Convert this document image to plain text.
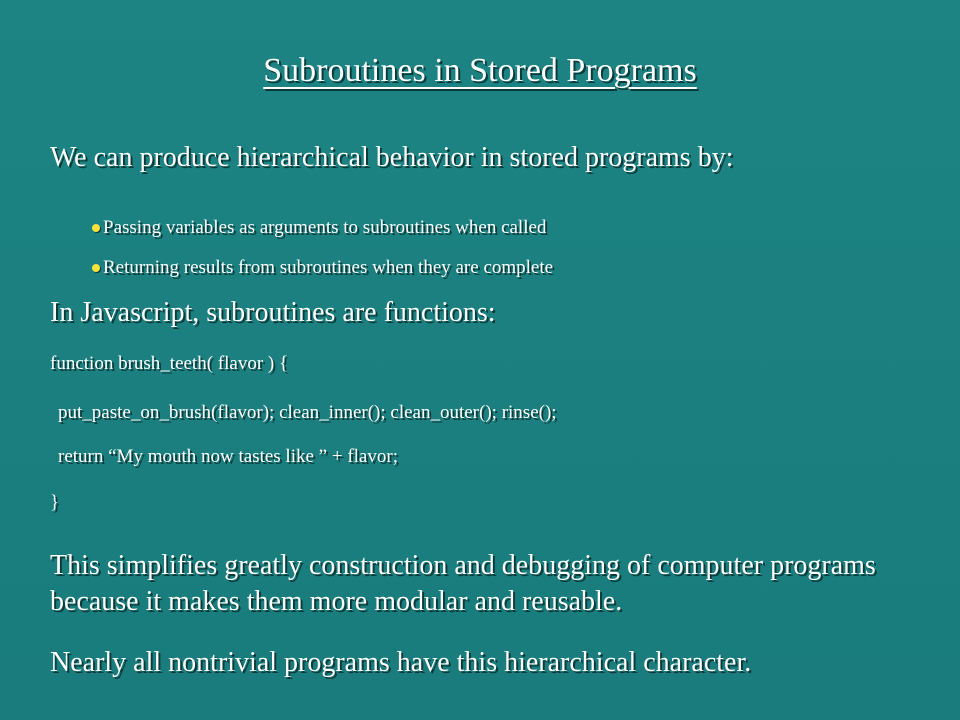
Subroutines in Stored Programs
We can produce hierarchical behavior in stored programs by:
Passing variables as arguments to subroutines when called
Returning results from subroutines when they are complete
In Javascript, subroutines are functions:
function brush_teeth( flavor ) {
put_paste_on_brush(flavor); clean_inner(); clean_outer(); rinse();
return “My mouth now tastes like ” + flavor;
}
This simplifies greatly construction and debugging of computer programs because it makes them more modular and reusable.
Nearly all nontrivial programs have this hierarchical character.
